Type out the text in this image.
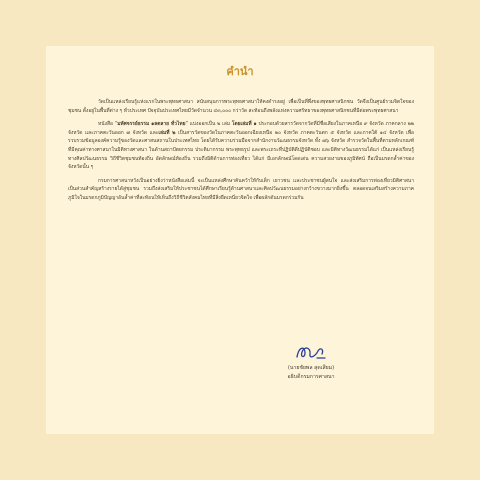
คำนำ

วัดเป็นแหล่งเรียนรู้แห่งแรกในพระพุทธศาสนา สนับสนุนการพระพุทธศาสนาให้คงดำรงอยู่ เพื่อเป็นที่พึ่งของพุทธศาสนิกชน วัดจึงเป็นศูนย์รวมจิตใจของชุมชน ตั้งอยู่ในพื้นที่ต่าง ๆ ทั่วประเทศ ปัจจุบันประเทศไทยมีวัดจำนวน ๔๓,๐๐๐ กว่าวัด สะท้อนถึงพลังแห่งความศรัทธาของพุทธศาสนิกชนที่มีต่อพระพุทธศาสนา

หนังสือ “มหัศจรรย์ธรรม ๑ลดลาย ทั่วไทย” แบ่งออกเป็น ๒ เล่ม โดยเล่มที่ ๑ ประกอบด้วยสารวัดจากวัดที่มีชื่อเสียงในภาคเหนือ ๙ จังหวัด ภาคกลาง ๒๒ จังหวัด และภาคตะวันออก ๗ จังหวัด และเล่มที่ ๒ เป็นสารวัดของวัดในภาคตะวันออกเฉียงเหนือ ๒๐ จังหวัด ภาคตะวันตก ๕ จังหวัด และภาคใต้ ๑๔ จังหวัด เพื่อรวบรวมข้อมูลองค์ความรู้ของวัดและศาสนสถานในประเทศไทย โดยได้รับความร่วมมือจากสำนักงานวัฒนธรรมจังหวัด ทั้ง ๗๖ จังหวัด สำรวจวัดในพื้นที่ตามหลักเกณฑ์ที่มีคุณค่าทางศาสนาในมิติทางศาสนา ในด้านสถาปัตยกรรม ประติมากรรม พระพุทธรูป และพระเถระที่ปฏิบัติดีปฏิบัติชอบ และมิติทางวัฒนธรรมได้แก่ เป็นแหล่งเรียนรู้ทางศิลปวัฒนธรรม วิถีชีวิตชุมชนท้องถิ่น อัตลักษณ์ท้องถิ่น รวมถึงมิติด้านการท่องเที่ยว ได้แก่ มีเอกลักษณ์โดดเด่น ความสวยงามของภูมิทัศน์ ถือเป็นมรดกล้ำค่าของจังหวัดนั้น ๆ

กรมการศาสนาหวังเป็นอย่างยิ่งว่าหนังสือเล่มนี้ จะเป็นแหล่งศึกษาค้นคว้าให้กับเด็ก เยาวชน และประชาชนผู้สนใจ และส่งเสริมการท่องเที่ยวมิติศาสนาเป็นส่วนสำคัญสร้างรายได้สู่ชุมชน รวมถึงส่งเสริมให้ประชาชนได้ศึกษาเรียนรู้ด้านศาสนาและศิลปวัฒนธรรมอย่างกว้างขวางมากยิ่งขึ้น ตลอดจนเสริมสร้างความภาคภูมิใจในมรดกภูมิปัญญาอันล้ำค่าที่สะท้อนให้เห็นถึงวิถีชีวิตสังคมไทยที่มีสิ่งยึดเหนี่ยวจิตใจ เพื่อผลักดันมรดกร่วมกัน

(นายชัยพล สุดเสียม)
อธิบดีกรมการศาสนา
